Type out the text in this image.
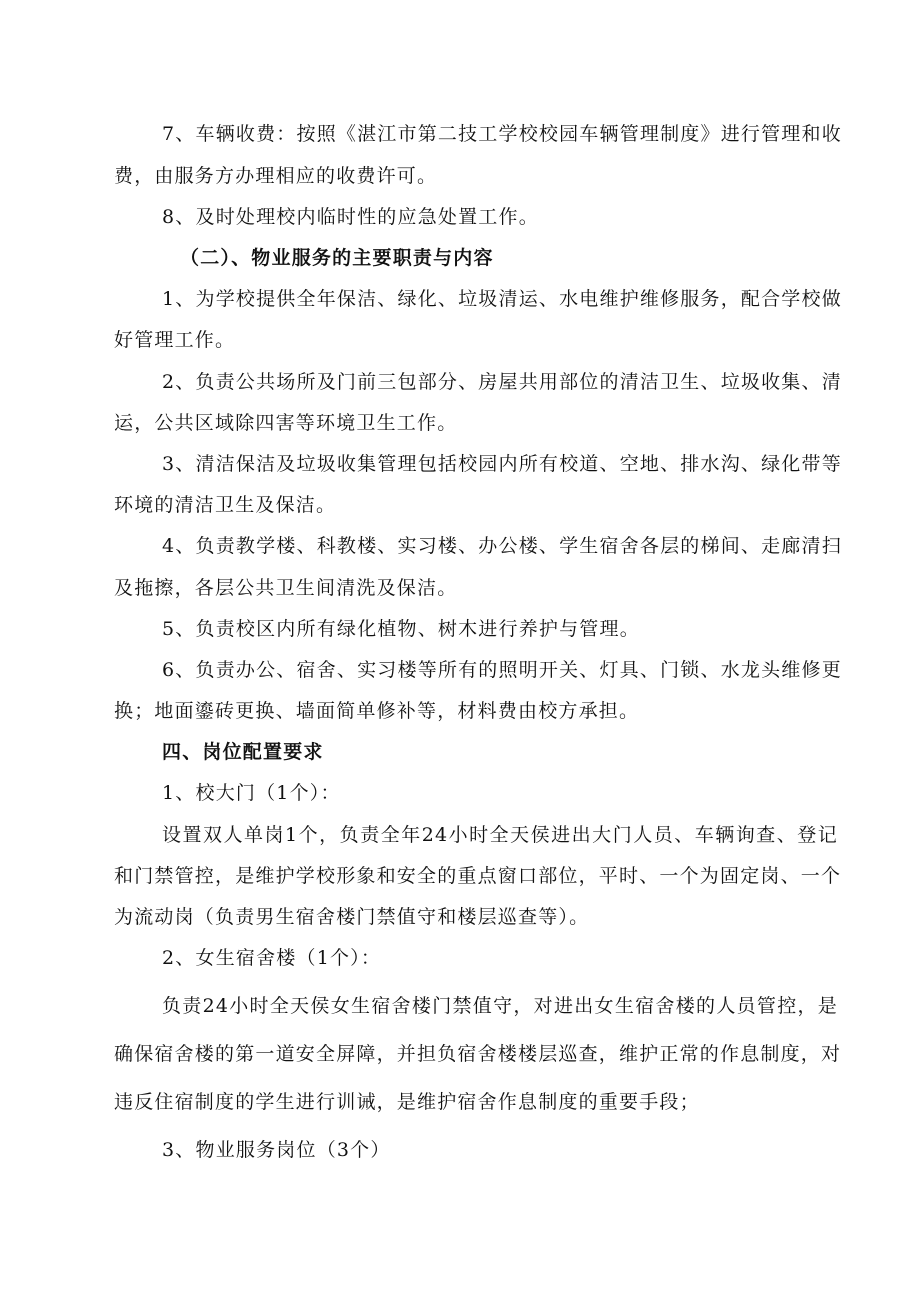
7、车辆收费：按照《湛江市第二技工学校校园车辆管理制度》进行管理和收
费，由服务方办理相应的收费许可。
8、及时处理校内临时性的应急处置工作。
（二）、物业服务的主要职责与内容
1、为学校提供全年保洁、绿化、垃圾清运、水电维护维修服务，配合学校做
好管理工作。
2、负责公共场所及门前三包部分、房屋共用部位的清洁卫生、垃圾收集、清
运，公共区域除四害等环境卫生工作。
3、清洁保洁及垃圾收集管理包括校园内所有校道、空地、排水沟、绿化带等
环境的清洁卫生及保洁。
4、负责教学楼、科教楼、实习楼、办公楼、学生宿舍各层的梯间、走廊清扫
及拖擦，各层公共卫生间清洗及保洁。
5、负责校区内所有绿化植物、树木进行养护与管理。
6、负责办公、宿舍、实习楼等所有的照明开关、灯具、门锁、水龙头维修更
换；地面鎏砖更换、墙面简单修补等，材料费由校方承担。
四、岗位配置要求
1、校大门（1个）：
设置双人单岗1个，负责全年24小时全天侯进出大门人员、车辆询查、登记
和门禁管控，是维护学校形象和安全的重点窗口部位，平时、一个为固定岗、一个
为流动岗（负责男生宿舍楼门禁值守和楼层巡查等）。
2、女生宿舍楼（1个）：
负责24小时全天侯女生宿舍楼门禁值守，对进出女生宿舍楼的人员管控，是
确保宿舍楼的第一道安全屏障，并担负宿舍楼楼层巡查，维护正常的作息制度，对
违反住宿制度的学生进行训诫，是维护宿舍作息制度的重要手段；
3、物业服务岗位（3个）
